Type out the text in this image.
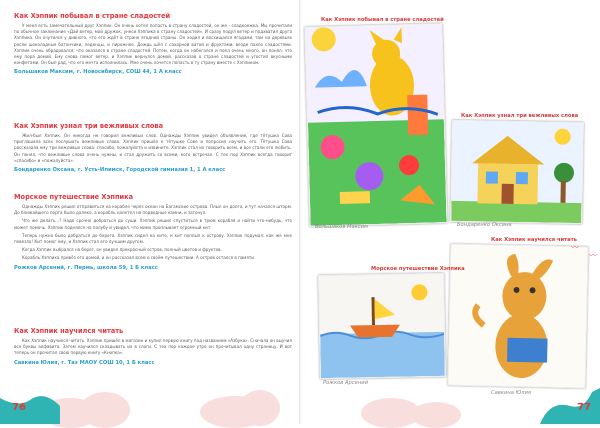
Как Хэппик побывал в стране сладостей

У меня есть замечательный друг Хэппик. Он очень хотел попасть в страну сладостей, он же - сладкоежка. Мы прочитали по обычное заклинание «Дай ветер, мой дружок, унеси Хэппика в страну сладостей». И сразу подул ветер и подхватил друга Хэппика. Он очутился у дивного, что его ждёт в стране ягодной страны. Он ходил и восхищался ягодами, там на деревьях росли шоколадные батончики, леденцы, и пирожное. Дождь шёл с сахарной ватой и фруктами, везде пахло сладостями. Хэппик очень обрадовался, что оказался в стране сладостей. Потом, когда он набегался и поел очень много, он понял, что ему пора домой. Ему снова помог ветер, и Хэппик вернулся домой, рассказав о стране сладостей и угостил вкусными конфетами. Он был рад, что его мечта исполнилась. Мне очень хочется попасть в ту страну вместе с Хэппиком.

Большаков Максим, г. Новосибирск, СОШ 44, 1 А класс
Как Хэппик узнал три вежливых слова

Жил-был Хэппик. Он никогда не говорил вежливых слов. Однажды Хэппик увидел объявление, где тётушка Сова приглашала всех послушать вежливые слова. Хэппик пришёл к тётушке Сове и попросил научить его. Тётушка Сова рассказала ему три вежливых слова: спасибо, пожалуйста и извините. Хэппик стал их говорить всем, и все стали его любить. Он понял, что вежливые слова очень нужны, и стал дружить со всеми, кого встречал. С тех пор Хэппик всегда говорит «спасибо» и «пожалуйста».

Бондаренко Оксана, г. Усть-Илимск, Городской гимназия 1, 1 А класс
Морское путешествие Хэппика

Однажды Хэппик решил отправиться на корабле через океан на Багамские острова. Плыл он долго, и тут начался шторм. До ближайшего порта было далеко, а корабль налетел на подводные камни, и затонул.

Что же делать...? Надо срочно добраться до суши. Хэппик решил спуститься в трюм корабля и найти что-нибудь, что может помочь. Хэппик поднялся на палубу и увидел, что мимо проплывает огромный кит.

Теперь нужно было добраться до берега. Хэппик сидел на ките, и кит поплыл к острову. Хэппик подумал: как же мне повезло! Кит помог ему, и Хэппик стал его лучшим другом.

Когда Хэппик выбрался на берег, он увидел прекрасный остров, полный цветов и фруктов.

Корабль Хэппика привёз его домой, и он рассказал всем о своём путешествии. А остров остался в памяти.

Рожков Арсений, г. Пермь, школа 59, 1 Б класс
Как Хэппик научился читать

Как Хэппик научился читать. Хэппик пришёл в магазин и купил первую книгу под названием «Азбука». Сначала он выучил все буквы алфавита. Затем научился складывать их в слоги. С тех пор каждое утро он прочитывал одну страницу. И вот теперь он прочитал свою первую книгу «Кнопка».

Савкина Юлия, г. Таз МАОУ СОШ 10, 1 Б класс
76
Как Хэппик побывал в стране сладостей
Большаков Максим
Как Хэппик узнал три вежливых слова
Бондаренко Оксана
Как Хэппик научился читать
Савкина Юлия
Морское путешествие Хэппика
Рожков Арсений
〰
〰
77
